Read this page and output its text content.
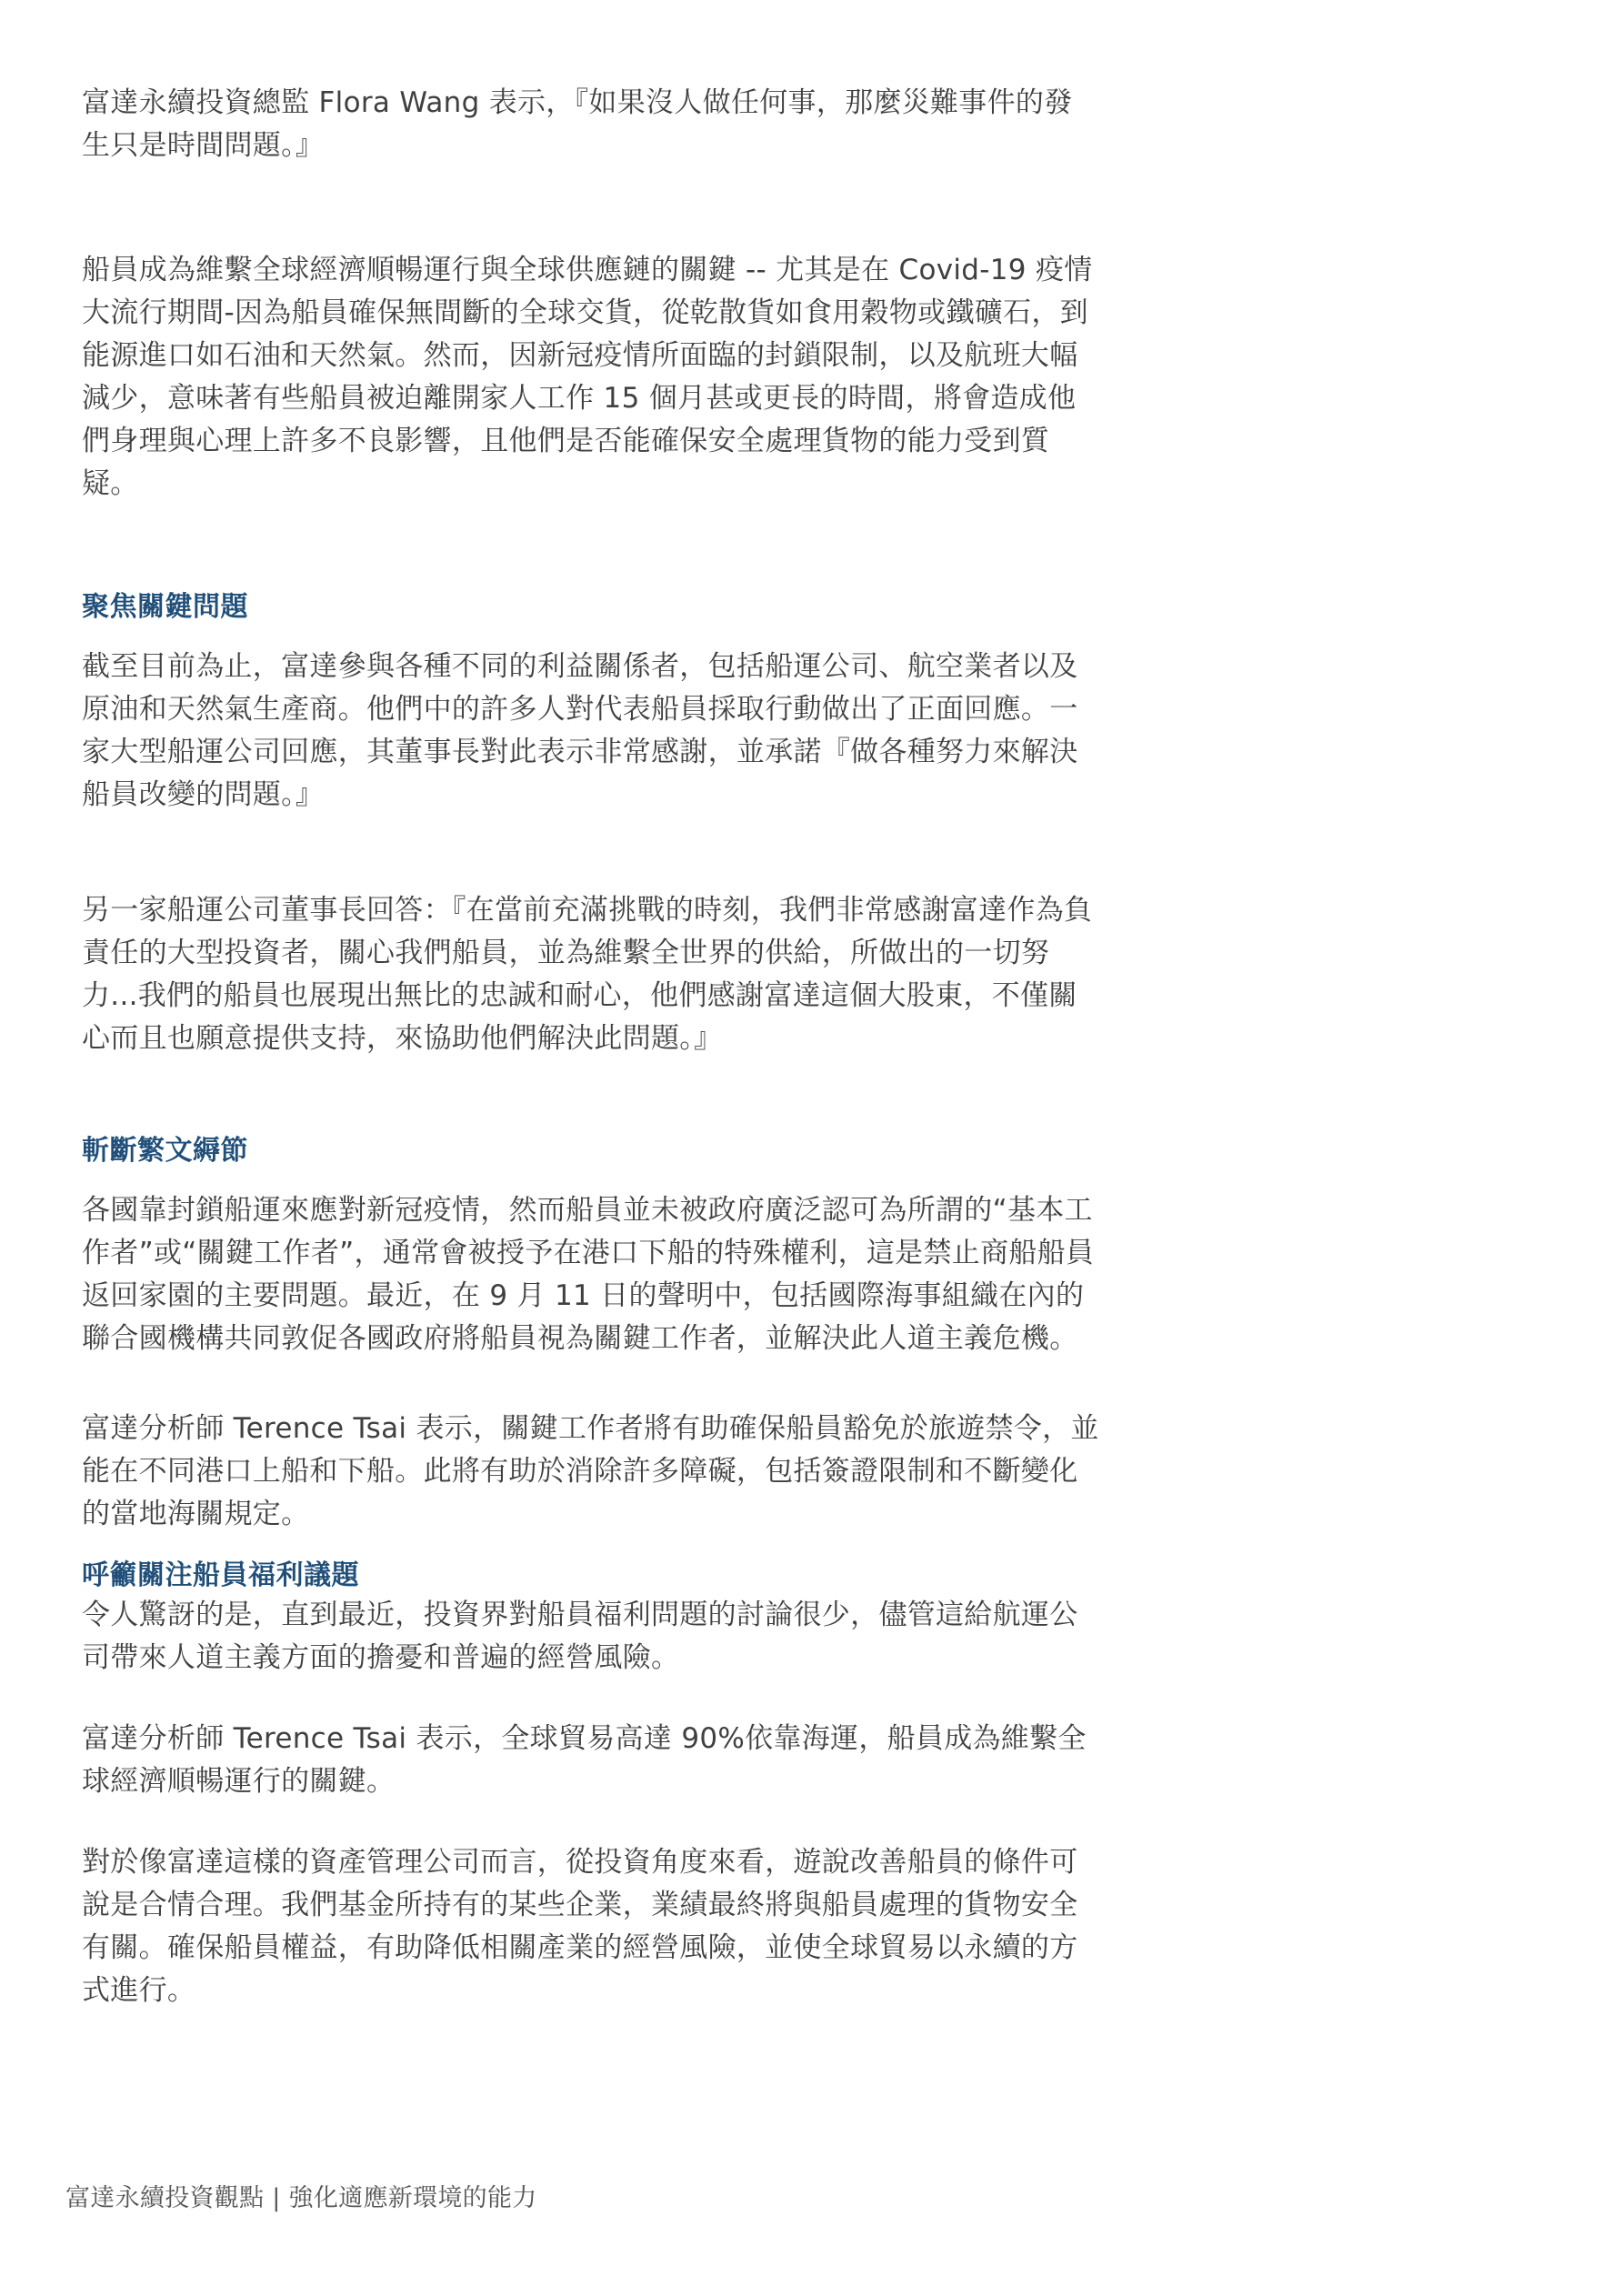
富達永續投資總監 Flora Wang 表示，『如果沒人做任何事，那麼災難事件的發生只是時間問題。』

船員成為維繫全球經濟順暢運行與全球供應鏈的關鍵 -- 尤其是在 Covid-19 疫情大流行期間-因為船員確保無間斷的全球交貨，從乾散貨如食用穀物或鐵礦石，到能源進口如石油和天然氣。然而，因新冠疫情所面臨的封鎖限制，以及航班大幅減少，意味著有些船員被迫離開家人工作 15 個月甚或更長的時間，將會造成他們身理與心理上許多不良影響，且他們是否能確保安全處理貨物的能力受到質疑。

聚焦關鍵問題

截至目前為止，富達參與各種不同的利益關係者，包括船運公司、航空業者以及原油和天然氣生產商。他們中的許多人對代表船員採取行動做出了正面回應。一家大型船運公司回應，其董事長對此表示非常感謝，並承諾『做各種努力來解決船員改變的問題。』

另一家船運公司董事長回答：『在當前充滿挑戰的時刻，我們非常感謝富達作為負責任的大型投資者，關心我們船員，並為維繫全世界的供給，所做出的一切努力...我們的船員也展現出無比的忠誠和耐心，他們感謝富達這個大股東，不僅關心而且也願意提供支持，來協助他們解決此問題。』

斬斷繁文縟節

各國靠封鎖船運來應對新冠疫情，然而船員並未被政府廣泛認可為所謂的“基本工作者”或“關鍵工作者”，通常會被授予在港口下船的特殊權利，這是禁止商船船員返回家園的主要問題。最近，在 9 月 11 日的聲明中，包括國際海事組織在內的聯合國機構共同敦促各國政府將船員視為關鍵工作者，並解決此人道主義危機。

富達分析師 Terence Tsai 表示，關鍵工作者將有助確保船員豁免於旅遊禁令，並能在不同港口上船和下船。此將有助於消除許多障礙，包括簽證限制和不斷變化的當地海關規定。

呼籲關注船員福利議題

令人驚訝的是，直到最近，投資界對船員福利問題的討論很少，儘管這給航運公司帶來人道主義方面的擔憂和普遍的經營風險。

富達分析師 Terence Tsai 表示，全球貿易高達 90%依靠海運，船員成為維繫全球經濟順暢運行的關鍵。

對於像富達這樣的資產管理公司而言，從投資角度來看，遊說改善船員的條件可說是合情合理。我們基金所持有的某些企業，業績最終將與船員處理的貨物安全有關。確保船員權益，有助降低相關產業的經營風險，並使全球貿易以永續的方式進行。

富達永續投資觀點 | 強化適應新環境的能力
